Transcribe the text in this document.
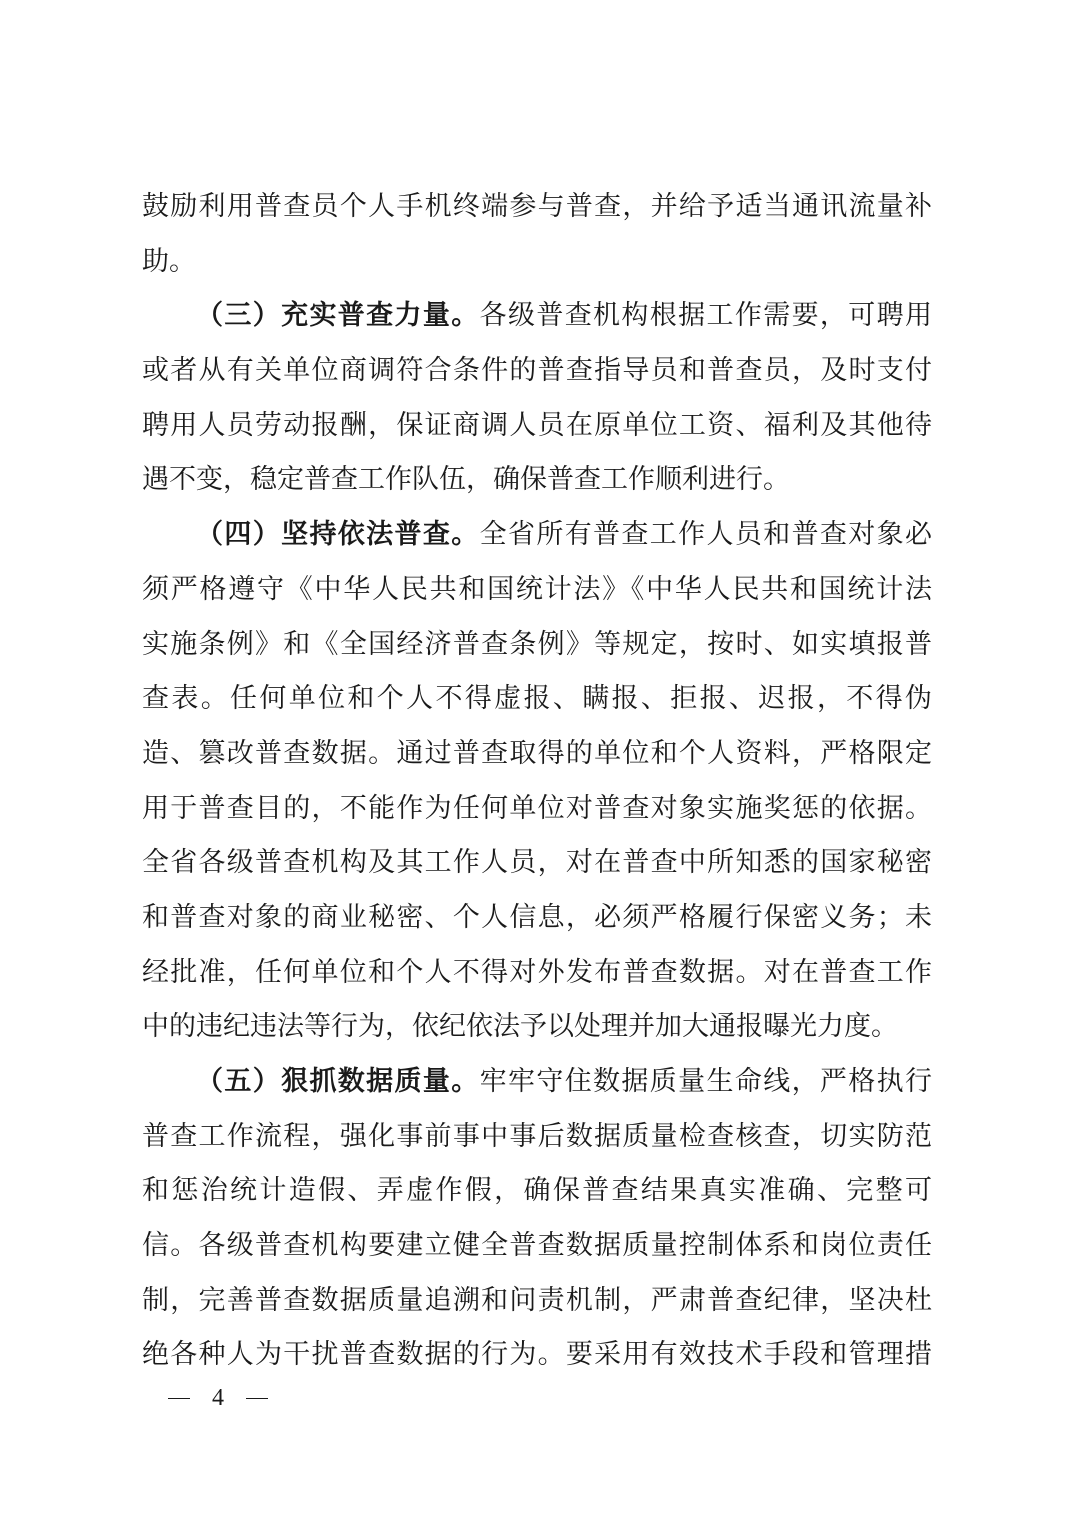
鼓励利用普查员个人手机终端参与普查，并给予适当通讯流量补
助。
（三）充实普查力量。各级普查机构根据工作需要，可聘用
或者从有关单位商调符合条件的普查指导员和普查员，及时支付
聘用人员劳动报酬，保证商调人员在原单位工资、福利及其他待
遇不变，稳定普查工作队伍，确保普查工作顺利进行。
（四）坚持依法普查。全省所有普查工作人员和普查对象必
须严格遵守《中华人民共和国统计法》《中华人民共和国统计法
实施条例》和《全国经济普查条例》等规定，按时、如实填报普
查表。任何单位和个人不得虚报、瞒报、拒报、迟报，不得伪
造、篡改普查数据。通过普查取得的单位和个人资料，严格限定
用于普查目的，不能作为任何单位对普查对象实施奖惩的依据。
全省各级普查机构及其工作人员，对在普查中所知悉的国家秘密
和普查对象的商业秘密、个人信息，必须严格履行保密义务；未
经批准，任何单位和个人不得对外发布普查数据。对在普查工作
中的违纪违法等行为，依纪依法予以处理并加大通报曝光力度。
（五）狠抓数据质量。牢牢守住数据质量生命线，严格执行
普查工作流程，强化事前事中事后数据质量检查核查，切实防范
和惩治统计造假、弄虚作假，确保普查结果真实准确、完整可
信。各级普查机构要建立健全普查数据质量控制体系和岗位责任
制，完善普查数据质量追溯和问责机制，严肃普查纪律，坚决杜
绝各种人为干扰普查数据的行为。要采用有效技术手段和管理措
4
